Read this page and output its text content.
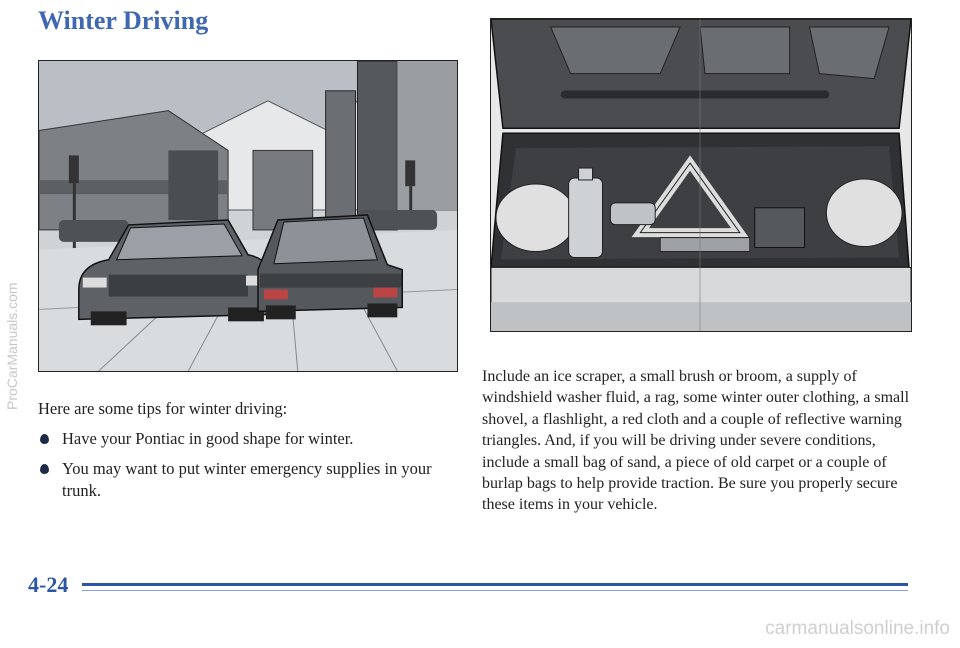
Winter Driving

Here are some tips for winter driving:

Have your Pontiac in good shape for winter.
You may want to put winter emergency supplies in your trunk.

Include an ice scraper, a small brush or broom, a supply of windshield washer fluid, a rag, some winter outer clothing, a small shovel, a flashlight, a red cloth and a couple of reflective warning triangles. And, if you will be driving under severe conditions, include a small bag of sand, a piece of old carpet or a couple of burlap bags to help provide traction. Be sure you properly secure these items in your vehicle.

4-24

ProCarManuals.com
carmanualsonline.info
